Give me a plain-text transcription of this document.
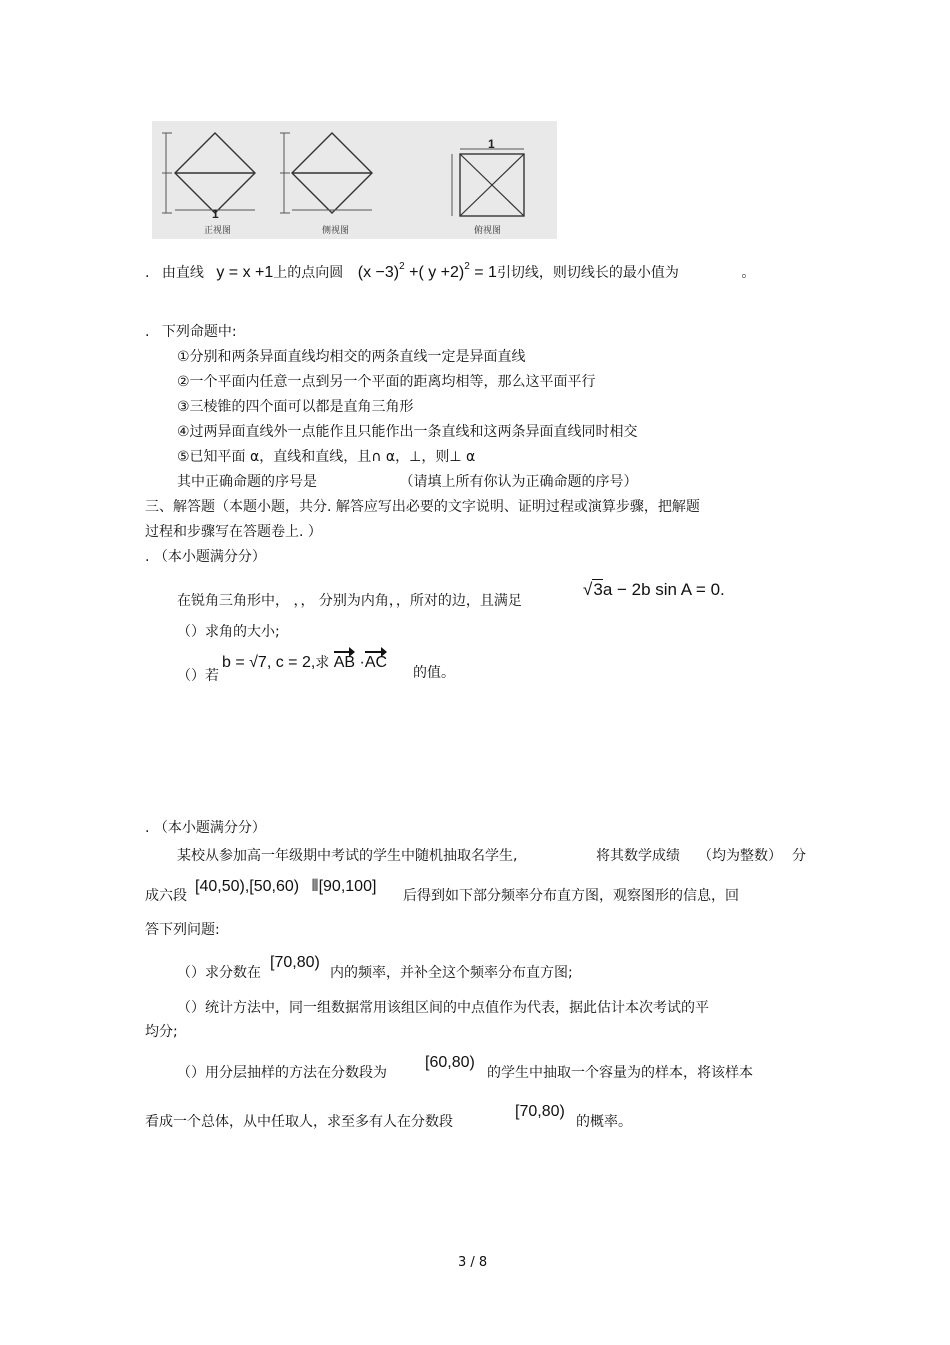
1
正视图	侧视图
1
俯视图
. 由直线 y = x +1上的点向圆 $(x -3)^2$ +( y +2)$^2$ = 1引切线，则切线长的最小值为	。
. 下列命题中:
①分别和两条异面直线均相交的两条直线一定是异面直线
②一个平面内任意一点到另一个平面的距离均相等，那么这平面平行
③三棱锥的四个面可以都是直角三角形
④过两异面直线外一点能作且只能作出一条直线和这两条异面直线同时相交
⑤已知平面 α，直线和直线，且∩ α，⊥，则⊥ α
其中正确命题的序号是	（请填上所有你认为正确命题的序号）
三、解答题（本题小题，共分. 解答应写出必要的文字说明、证明过程或演算步骤，把解题
过程和步骤写在答题卷上. ）
. （本小题满分分）
在锐角三角形中， ，， 分别为内角，，所对的边，且满足
√3a − 2b sin A = 0.
（）求角的大小;
（）若
b = √7, c = 2,求 AB ·AC
的值。
. （本小题满分分）
某校从参加高一年级期中考试的学生中随机抽取名学生,	将其数学成绩 （均为整数） 分
成六段
[40,50),[50,60) ⦀[90,100]
后得到如下部分频率分布直方图，观察图形的信息，回
答下列问题:
（）求分数在
[70,80)
内的频率，并补全这个频率分布直方图;
（）统计方法中，同一组数据常用该组区间的中点值作为代表，据此估计本次考试的平
均分;
（）用分层抽样的方法在分数段为
[60,80)
的学生中抽取一个容量为的样本，将该样本
看成一个总体，从中任取人，求至多有人在分数段
[70,80)
的概率。
3 / 8
